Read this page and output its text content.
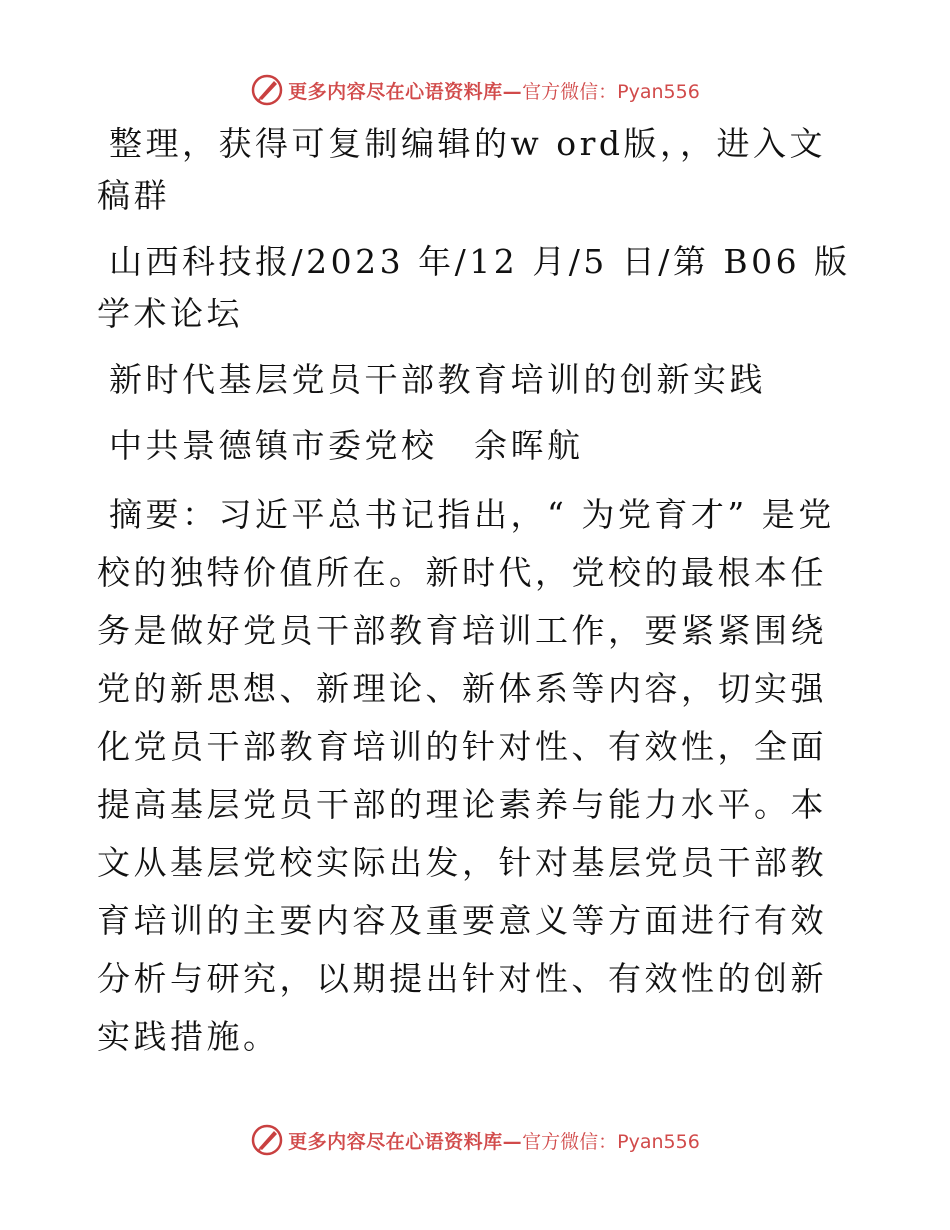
更多内容尽在心语资料库— 官方微信：Pyan556

整理，获得可复制编辑的w ord版，，进入文稿群

山西科技报/2023 年/12 月/5 日/第 B06 版学术论坛

新时代基层党员干部教育培训的创新实践

中共景德镇市委党校　余晖航

摘要：习近平总书记指出，“ 为党育才” 是党校的独特价值所在。新时代，党校的最根本任务是做好党员干部教育培训工作，要紧紧围绕党的新思想、新理论、新体系等内容，切实强化党员干部教育培训的针对性、有效性，全面提高基层党员干部的理论素养与能力水平。本文从基层党校实际出发，针对基层党员干部教育培训的主要内容及重要意义等方面进行有效分析与研究，以期提出针对性、有效性的创新实践措施。

更多内容尽在心语资料库— 官方微信：Pyan556
